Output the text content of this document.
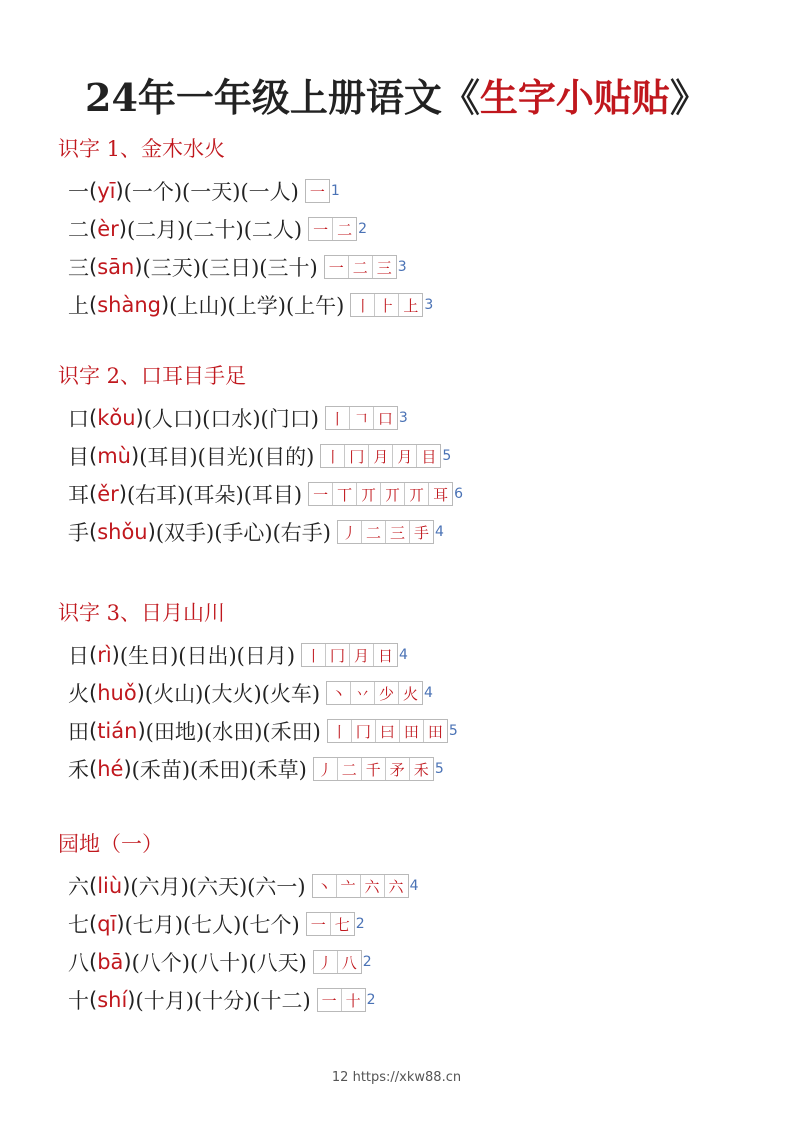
24年一年级上册语文《生字小贴贴》
识字 1、金木水火
一 ( yī ) (一个)(一天)(一人) 一 1
二 ( èr ) (二月)(二十)(二人) 一 二 2
三 ( sān ) (三天)(三日)(三十) 一 二 三 3
上 ( shàng ) (上山)(上学)(上午) 丨 ⺊ 上 3
识字 2、口耳目手足
口 ( kǒu ) (人口)(口水)(门口) 丨 𠃍 口 3
目 ( mù ) (耳目)(目光)(目的) 丨 冂 月 月 目 5
耳 ( ěr ) (右耳)(耳朵)(耳目) 一 丅 丌 丌 丌 耳 6
手 ( shǒu ) (双手)(手心)(右手) 丿 二 三 手 4
识字 3、日月山川
日 ( rì ) (生日)(日出)(日月) 丨 冂 月 日 4
火 ( huǒ ) (火山)(大火)(火车) 丶 丷 少 火 4
田 ( tián ) (田地)(水田)(禾田) 丨 冂 曰 田 田 5
禾 ( hé ) (禾苗)(禾田)(禾草) 丿 二 千 矛 禾 5
园地（一）
六 ( liù ) (六月)(六天)(六一) 丶 亠 六 六 4
七 ( qī ) (七月)(七人)(七个) 一 七 2
八 ( bā ) (八个)(八十)(八天) 丿 八 2
十 ( shí ) (十月)(十分)(十二) 一 十 2
12 https://xkw88.cn
